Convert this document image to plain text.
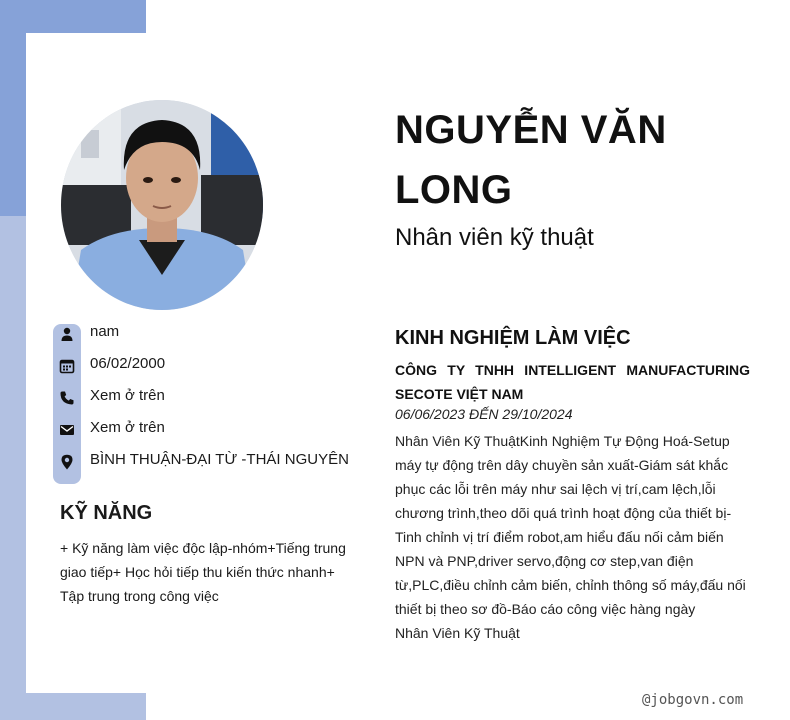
nam
06/02/2000
Xem ở trên
Xem ở trên
BÌNH THUẬN-ĐẠI TỪ -THÁI NGUYÊN
KỸ NĂNG
+ Kỹ năng làm việc độc lập-nhóm+Tiếng trung giao tiếp+ Học hỏi tiếp thu kiến thức nhanh+ Tập trung trong công việc
NGUYỄN VĂN LONG
Nhân viên kỹ thuật
KINH NGHIỆM LÀM VIỆC
CÔNG TY TNHH INTELLIGENT MANUFACTURING SECOTE VIỆT NAM
06/06/2023 ĐẾN 29/10/2024

Nhân Viên Kỹ ThuậtKinh Nghiệm Tự Động Hoá-Setup máy tự động trên dây chuyền sản xuất-Giám sát khắc phục các lỗi trên máy như sai lệch vị trí,cam lệch,lỗi chương trình,theo dõi quá trình hoạt động của thiết bị-Tinh chỉnh vị trí điểm robot,am hiểu đấu nối cảm biến NPN và PNP,driver servo,động cơ step,van điện từ,PLC,điều chỉnh cảm biến, chỉnh thông số máy,đấu nối thiết bị theo sơ đồ-Báo cáo công việc hàng ngày

Nhân Viên Kỹ Thuật

@jobgovn.com
